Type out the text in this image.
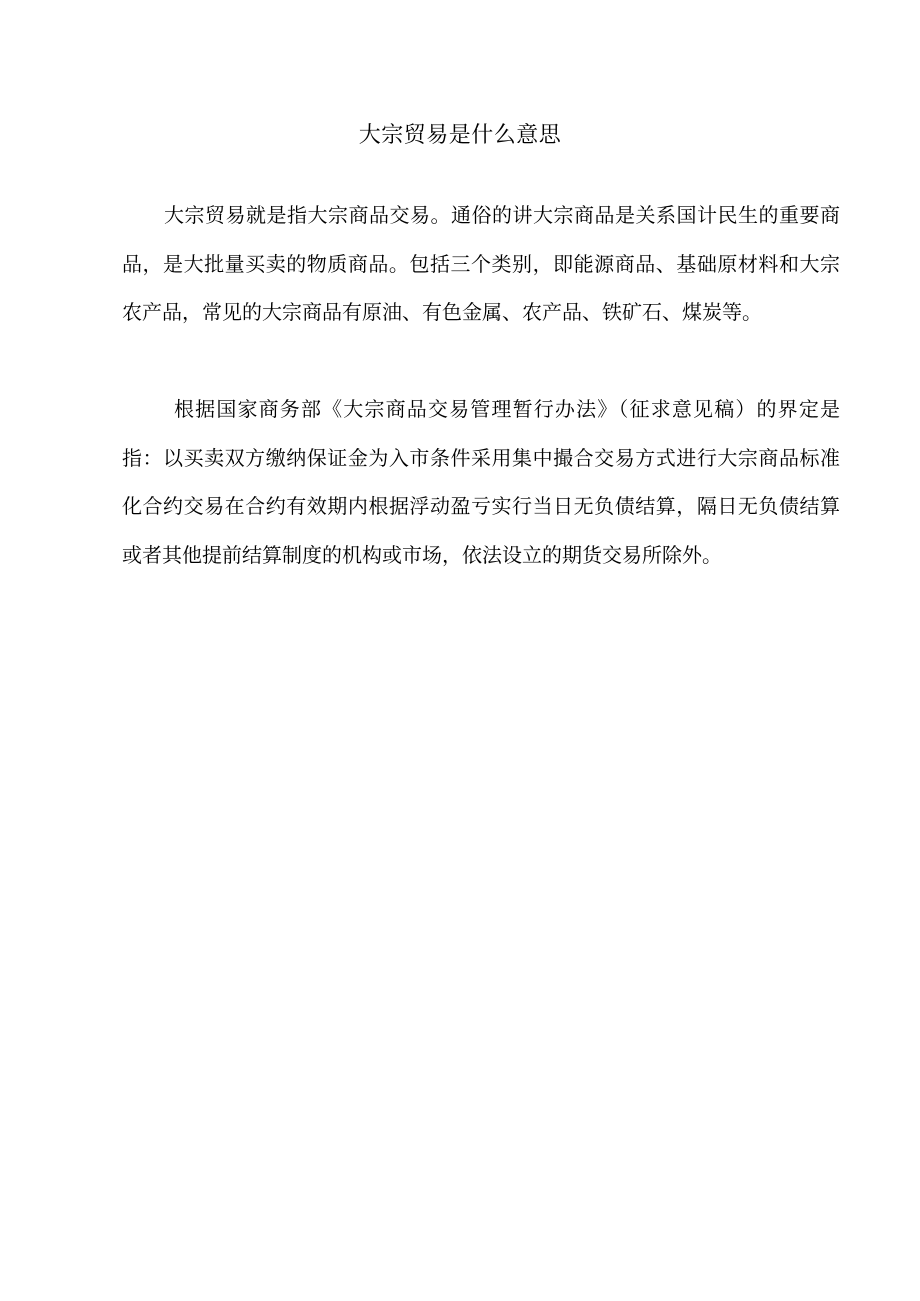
大宗贸易是什么意思

大宗贸易就是指大宗商品交易。通俗的讲大宗商品是关系国计民生的重要商品，是大批量买卖的物质商品。包括三个类别，即能源商品、基础原材料和大宗农产品，常见的大宗商品有原油、有色金属、农产品、铁矿石、煤炭等。

根据国家商务部《大宗商品交易管理暂行办法》（征求意见稿）的界定是指：以买卖双方缴纳保证金为入市条件采用集中撮合交易方式进行大宗商品标准化合约交易在合约有效期内根据浮动盈亏实行当日无负债结算，隔日无负债结算或者其他提前结算制度的机构或市场，依法设立的期货交易所除外。
